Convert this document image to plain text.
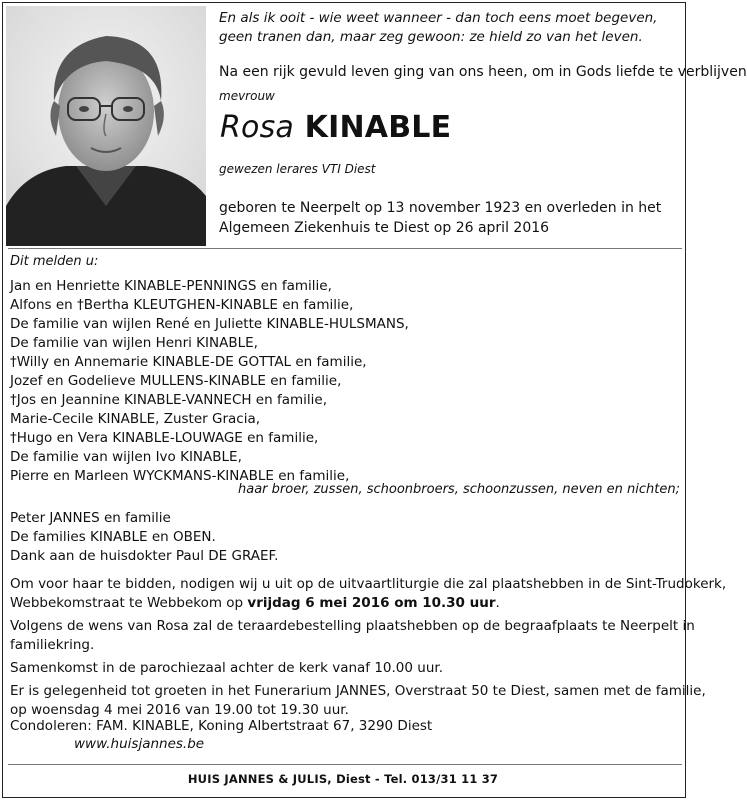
En als ik ooit - wie weet wanneer - dan toch eens moet begeven,
geen tranen dan, maar zeg gewoon: ze hield zo van het leven.
Na een rijk gevuld leven ging van ons heen, om in Gods liefde te verblijven
mevrouw
Rosa KINABLE
gewezen lerares VTI Diest
geboren te Neerpelt op 13 november 1923 en overleden in het
Algemeen Ziekenhuis te Diest op 26 april 2016
Dit melden u:
Jan en Henriette KINABLE-PENNINGS en familie,
Alfons en †Bertha KLEUTGHEN-KINABLE en familie,
De familie van wijlen René en Juliette KINABLE-HULSMANS,
De familie van wijlen Henri KINABLE,
†Willy en Annemarie KINABLE-DE GOTTAL en familie,
Jozef en Godelieve MULLENS-KINABLE en familie,
†Jos en Jeannine KINABLE-VANNECH en familie,
Marie-Cecile KINABLE, Zuster Gracia,
†Hugo en Vera KINABLE-LOUWAGE en familie,
De familie van wijlen Ivo KINABLE,
Pierre en Marleen WYCKMANS-KINABLE en familie,
haar broer, zussen, schoonbroers, schoonzussen, neven en nichten;
Peter JANNES en familie
De families KINABLE en OBEN.
Dank aan de huisdokter Paul DE GRAEF.
Om voor haar te bidden, nodigen wij u uit op de uitvaartliturgie die zal plaatshebben in de Sint-Trudokerk,
Webbekomstraat te Webbekom op vrijdag 6 mei 2016 om 10.30 uur.
Volgens de wens van Rosa zal de teraardebestelling plaatshebben op de begraafplaats te Neerpelt in
familiekring.
Samenkomst in de parochiezaal achter de kerk vanaf 10.00 uur.
Er is gelegenheid tot groeten in het Funerarium JANNES, Overstraat 50 te Diest, samen met de familie,
op woensdag 4 mei 2016 van 19.00 tot 19.30 uur.
Condoleren: FAM. KINABLE, Koning Albertstraat 67, 3290 Diest
www.huisjannes.be
HUIS JANNES & JULIS, Diest - Tel. 013/31 11 37
